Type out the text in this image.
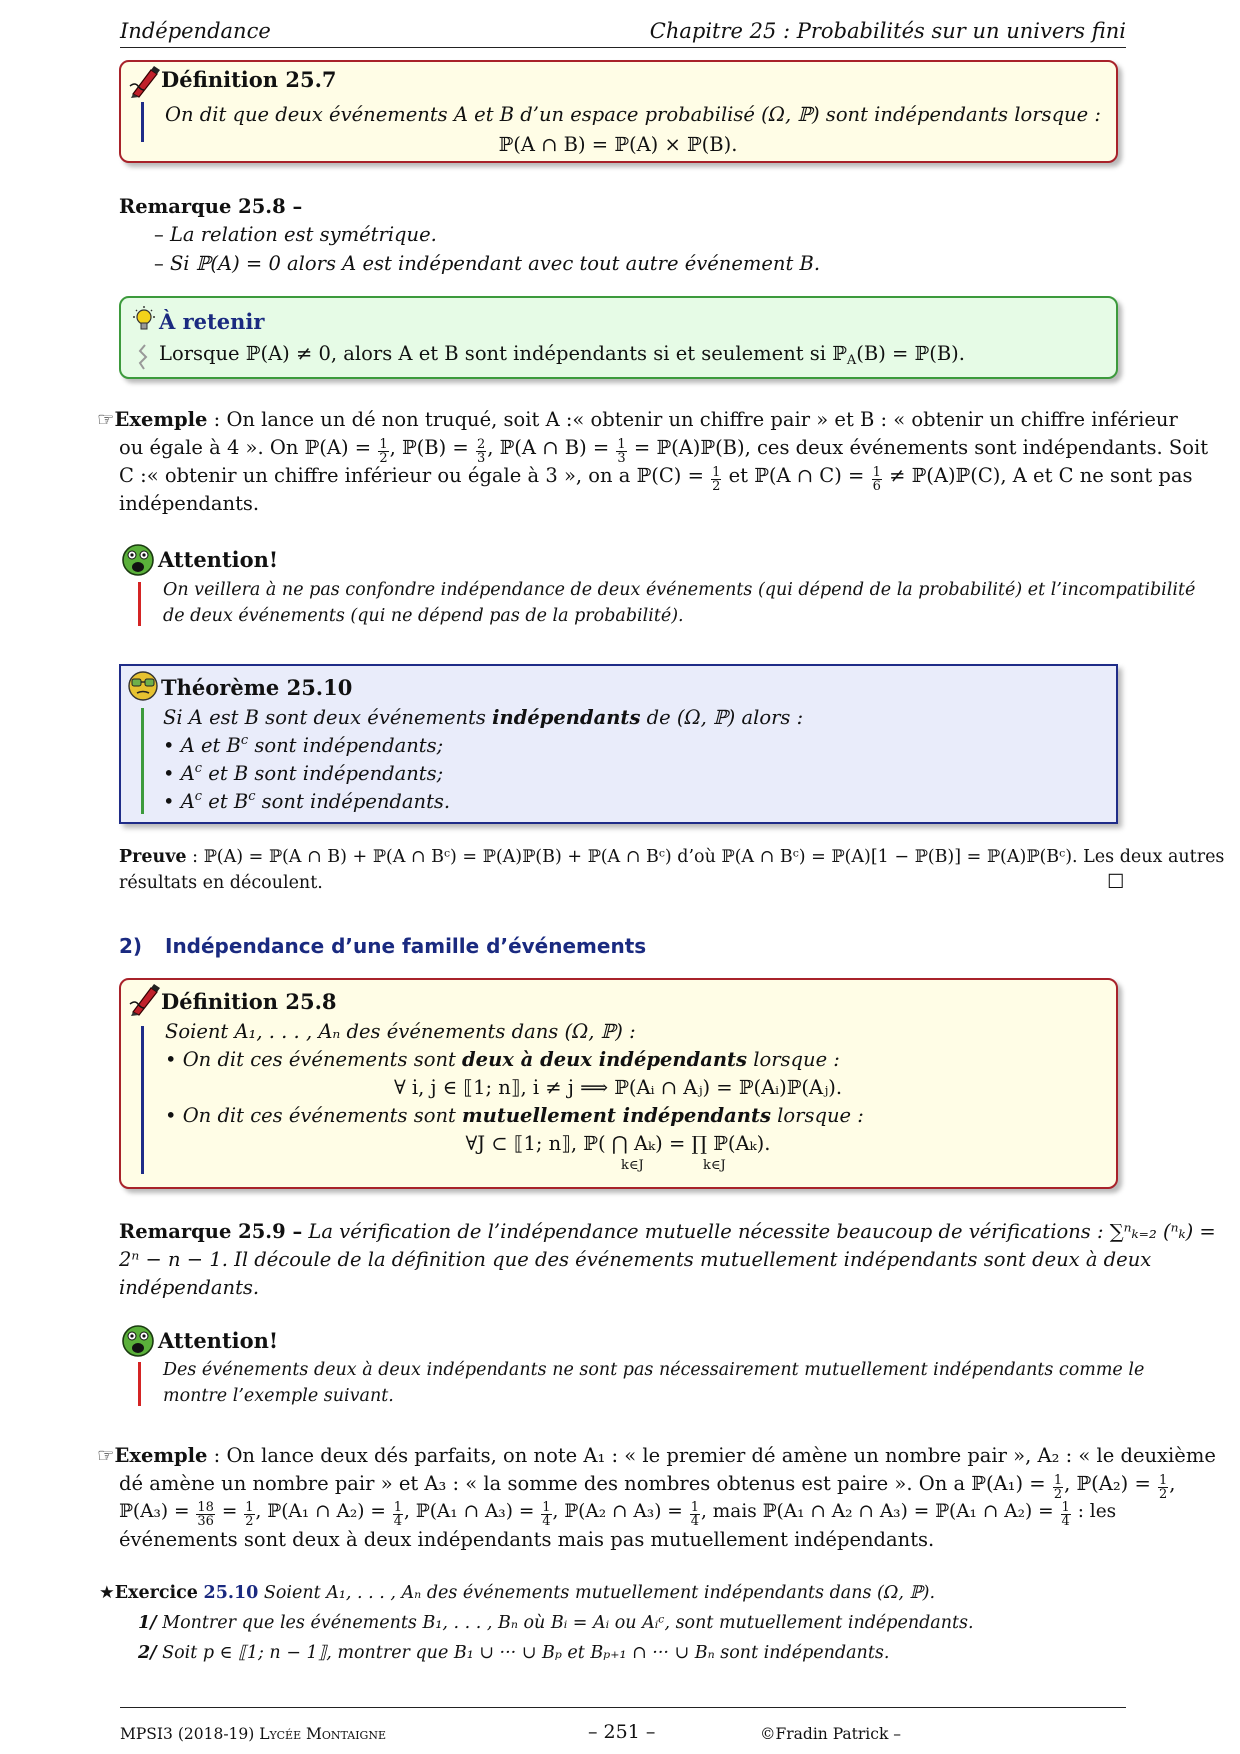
Indépendance	Chapitre 25 : Probabilités sur un univers fini
Définition 25.7
On dit que deux événements A et B d’un espace probabilisé (Ω, ℙ) sont indépendants lorsque :
ℙ(A ∩ B) = ℙ(A) × ℙ(B).
Remarque 25.8 –
– La relation est symétrique.
– Si ℙ(A) = 0 alors A est indépendant avec tout autre événement B.
À retenir
Lorsque ℙ(A) ≠ 0, alors A et B sont indépendants si et seulement si ℙ$_A$(B) = ℙ(B).
☞Exemple : On lance un dé non truqué, soit A :« obtenir un chiffre pair » et B : « obtenir un chiffre inférieur
ou égale à 4 ». On ℙ(A) = $\frac{1}{2}$ , ℙ(B) = $\frac{2}{3}$ , ℙ(A ∩ $B) = \frac{1}{3}$ = ℙ(A)ℙ(B), ces deux événements sont indépendants. Soit
C :« obtenir un chiffre inférieur ou égale à 3 », on a ℙ(C) = $\frac{1}{2}$ et ℙ(A ∩ $C) = \frac{1}{6}$ ≠ ℙ(A)ℙ(C), A et C ne sont pas
indépendants.
Attention!
On veillera à ne pas confondre indépendance de deux événements (qui dépend de la probabilité) et l’incompatibilité
de deux événements (qui ne dépend pas de la probabilité).
Théorème 25.10
Si A est B sont deux événements indépendants de (Ω, ℙ) alors :
• A et $B^c$ sont indépendants;
• $A^c$ et B sont indépendants;
• $A^c$ et $B^c$ sont indépendants.
Preuve : ℙ(A) = ℙ(A ∩ B) + ℙ(A ∩ Bᶜ) = ℙ(A)ℙ(B) + ℙ(A ∩ Bᶜ) d’où ℙ(A ∩ Bᶜ) = ℙ(A)[1 − ℙ(B)] = ℙ(A)ℙ(Bᶜ). Les deux autres
résultats en découlent.	☐
2) Indépendance d’une famille d’événements
Définition 25.8
Soient A₁, . . . , Aₙ des événements dans (Ω, ℙ) :
• On dit ces événements sont deux à deux indépendants lorsque :
∀ i, j ∈ ⟦1; n⟧, i ≠ j ⟹ ℙ(Aᵢ ∩ Aⱼ) = ℙ(Aᵢ)ℙ(Aⱼ).
• On dit ces événements sont mutuellement indépendants lorsque :
∀J ⊂ ⟦1; n⟧, ℙ( ⋂ Aₖ) = ∏ ℙ(Aₖ).
k∈J	k∈J
Remarque 25.9 – La vérification de l’indépendance mutuelle nécessite beaucoup de vérifications : ∑ⁿₖ₌₂ (ⁿₖ) =
2ⁿ − n − 1. Il découle de la définition que des événements mutuellement indépendants sont deux à deux
indépendants.
Attention!
Des événements deux à deux indépendants ne sont pas nécessairement mutuellement indépendants comme le
montre l’exemple suivant.
☞Exemple : On lance deux dés parfaits, on note A₁ : « le premier dé amène un nombre pair », A₂ : « le deuxième
dé amène un nombre pair » et A₃ : « la somme des nombres obtenus est paire ». On a ℙ(A₁) = $\frac{1}{2}$ , ℙ(A₂) = $\frac{1}{2}$ ,
ℙ(A₃) = $\frac{18}{36} = \frac{1}{2}$ , ℙ(A₁ ∩ $A_2) = \frac{1}{4}$ , ℙ(A₁ ∩ $A_3) = \frac{1}{4}$ , ℙ(A₂ ∩ $A_3) = \frac{1}{4}$ , mais ℙ(A₁ ∩ A₂ ∩ A₃) = ℙ(A₁ ∩ $A_2) = \frac{1}{4}$ : les
événements sont deux à deux indépendants mais pas mutuellement indépendants.
★Exercice 25.10 Soient A₁, . . . , Aₙ des événements mutuellement indépendants dans (Ω, ℙ).
1/ Montrer que les événements B₁, . . . , Bₙ où Bᵢ = Aᵢ ou Aᵢᶜ, sont mutuellement indépendants.
2/ Soit p ∈ ⟦1; n − 1⟧, montrer que B₁ ∪ ··· ∪ Bₚ et Bₚ₊₁ ∩ ··· ∪ Bₙ sont indépendants.
MPSI3 (2018-19) Lycée Montaigne	– 251 –	©Fradin Patrick –
